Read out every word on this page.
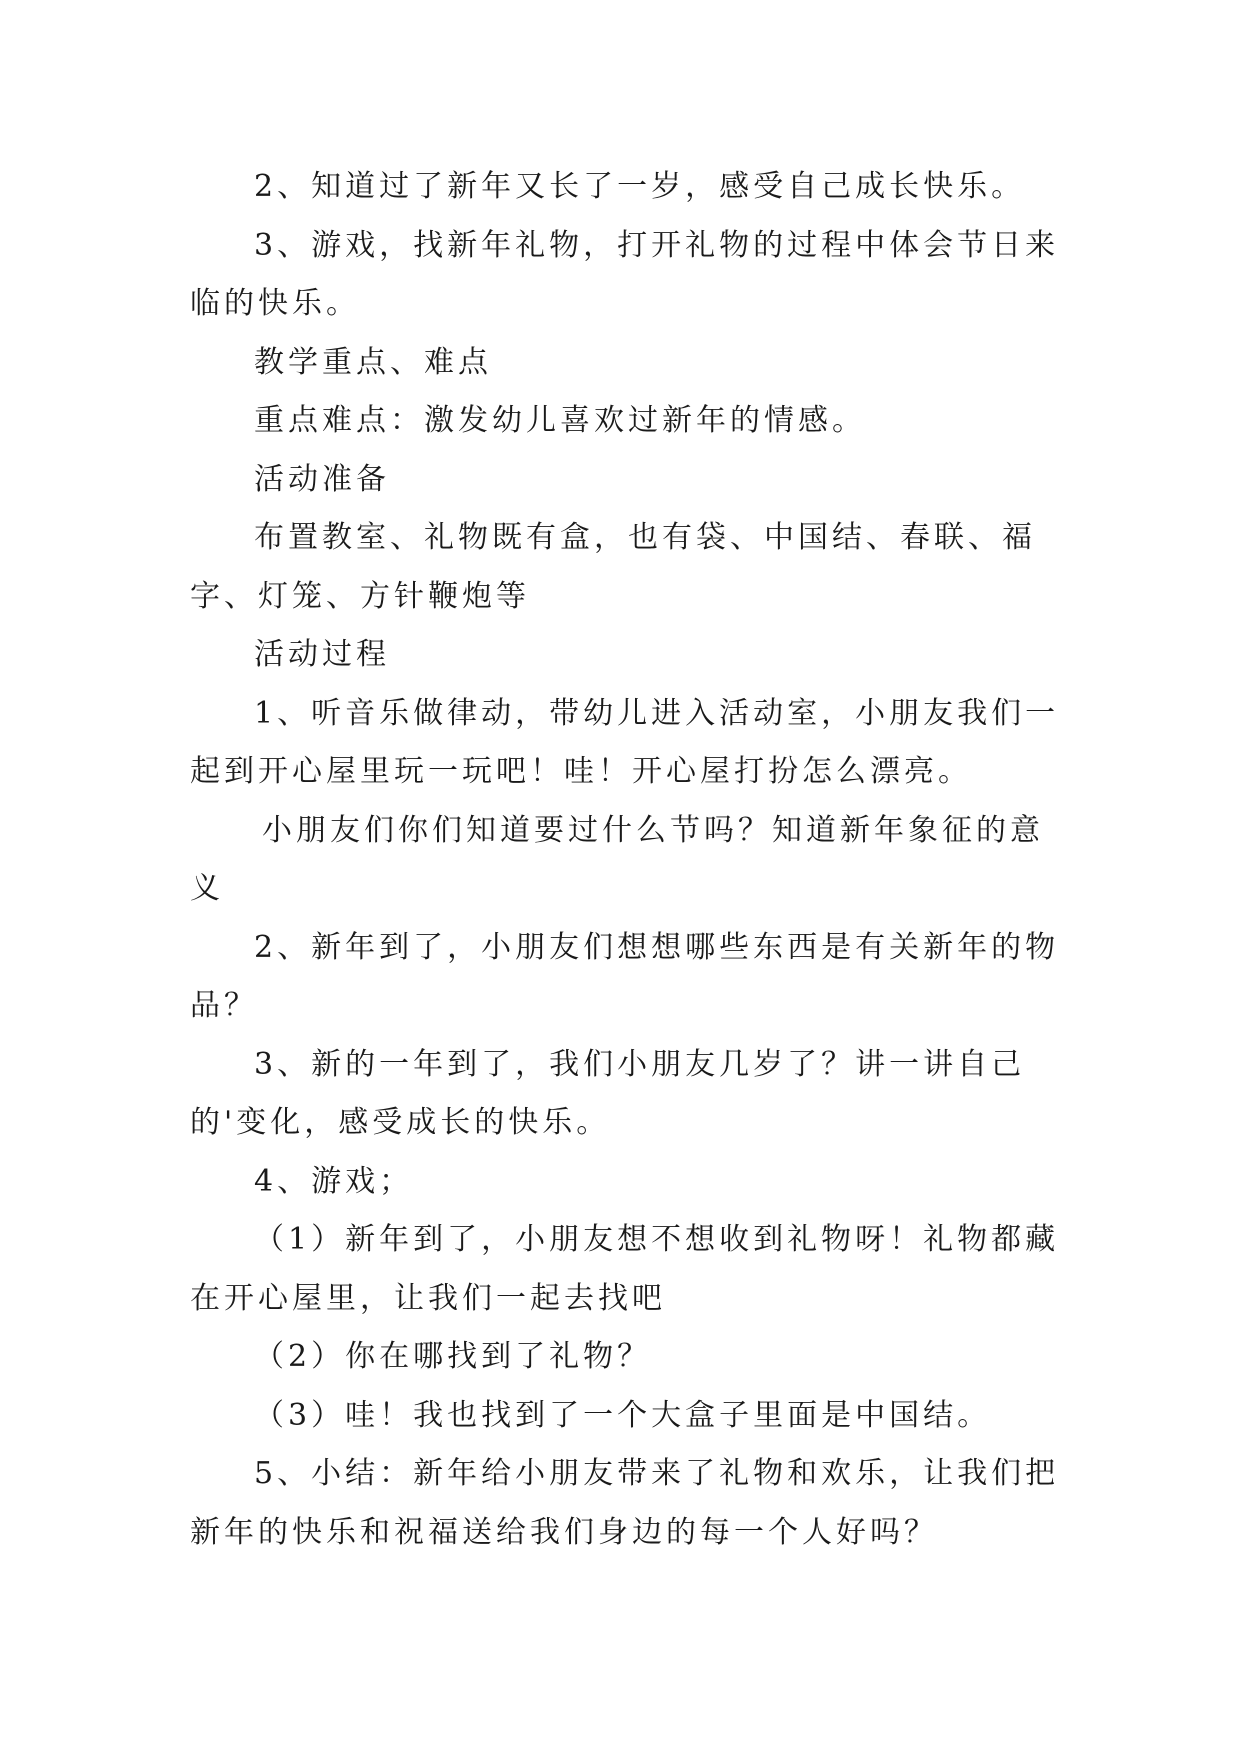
2、知道过了新年又长了一岁，感受自己成长快乐。

3、游戏，找新年礼物，打开礼物的过程中体会节日来临的快乐。

教学重点、难点

重点难点：激发幼儿喜欢过新年的情感。

活动准备

布置教室、礼物既有盒，也有袋、中国结、春联、福字、灯笼、方针鞭炮等

活动过程

1、听音乐做律动，带幼儿进入活动室，小朋友我们一起到开心屋里玩一玩吧！哇！开心屋打扮怎么漂亮。

小朋友们你们知道要过什么节吗？知道新年象征的意义

2、新年到了，小朋友们想想哪些东西是有关新年的物品？

3、新的一年到了，我们小朋友几岁了？讲一讲自己的'变化，感受成长的快乐。

4、游戏；

（1）新年到了，小朋友想不想收到礼物呀！礼物都藏在开心屋里，让我们一起去找吧

（2）你在哪找到了礼物？

（3）哇！我也找到了一个大盒子里面是中国结。

5、小结：新年给小朋友带来了礼物和欢乐，让我们把新年的快乐和祝福送给我们身边的每一个人好吗？
